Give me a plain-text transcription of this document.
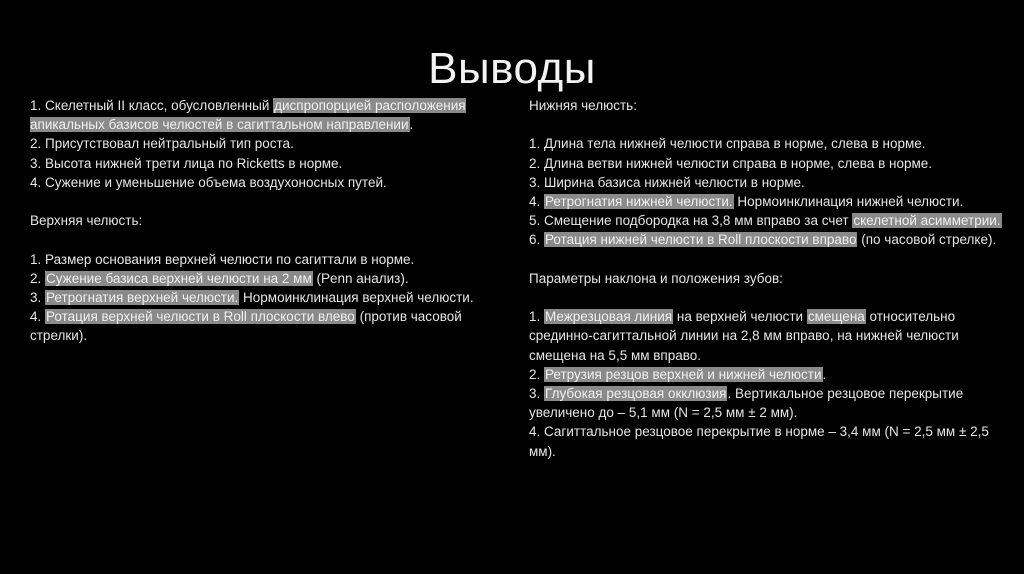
Выводы

1. Скелетный II класс, обусловленный диспропорцией расположения апикальных базисов челюстей в сагиттальном направлении.

2. Присутствовал нейтральный тип роста.

3. Высота нижней трети лица по Ricketts в норме.

4. Сужение и уменьшение объема воздухоносных путей.

Верхняя челюсть:

1. Размер основания верхней челюсти по сагиттали в норме.

2. Сужение базиса верхней челюсти на 2 мм (Penn анализ).

3. Ретрогнатия верхней челюсти. Нормоинклинация верхней челюсти.

4. Ротация верхней челюсти в Roll плоскости влево (против часовой стрелки).

Нижняя челюсть:

1. Длина тела нижней челюсти справа в норме, слева в норме.

2. Длина ветви нижней челюсти справа в норме, слева в норме.

3. Ширина базиса нижней челюсти в норме.

4. Ретрогнатия нижней челюсти. Нормоинклинация нижней челюсти.

5. Смещение подбородка на 3,8 мм вправо за счет скелетной асимметрии.

6. Ротация нижней челюсти в Roll плоскости вправо (по часовой стрелке).

Параметры наклона и положения зубов:

1. Межрезцовая линия на верхней челюсти смещена относительно срединно-сагиттальной линии на 2,8 мм вправо, на нижней челюсти смещена на 5,5 мм вправо.

2. Ретрузия резцов верхней и нижней челюсти.

3. Глубокая резцовая окклюзия. Вертикальное резцовое перекрытие увеличено до – 5,1 мм (N = 2,5 мм ± 2 мм).

4. Сагиттальное резцовое перекрытие в норме – 3,4 мм (N = 2,5 мм ± 2,5 мм).
